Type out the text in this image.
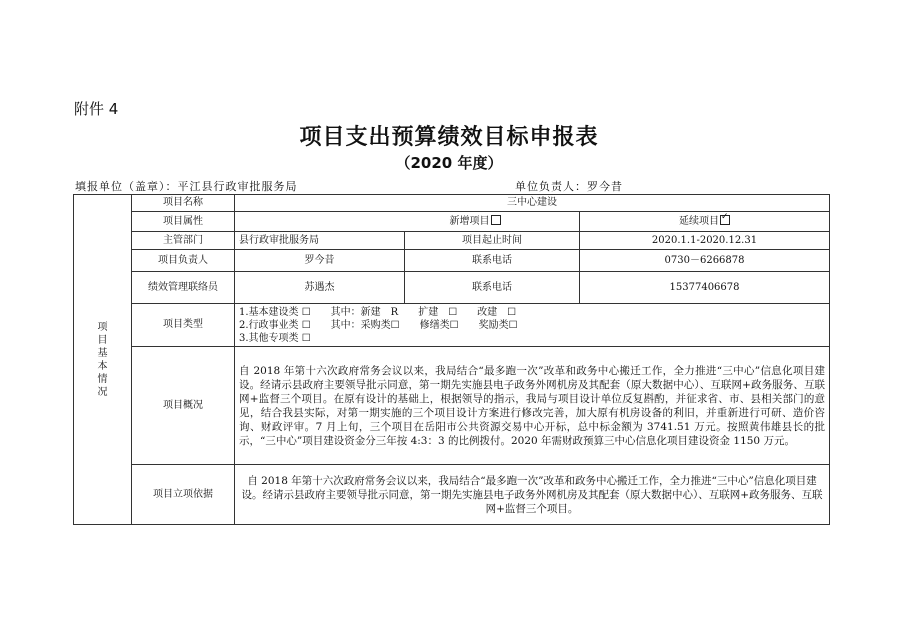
附件 4
项目支出预算绩效目标申报表
（2020 年度）
填报单位（盖章）：平江县行政审批服务局	单位负责人：罗今昔
项目基本情况	项目名称	三中心建设		
	项目属性	新增项目		延续项目 ✓

	主管部门	县行政审批服务局	项目起止时间	2020.1.1-2020.12.31
	项目负责人	罗今昔	联系电话	0730－6266878
	绩效管理联络员	苏遇杰	联系电话	15377406678
	项目类型	1.基本建设类 ☐　　其中：新建　R　　扩建　☐　　改建　☐
2.行政事业类 ☐　　其中：采购类☐　　修缮类☐　　奖励类☐
3.其他专项类 ☐		

	项目概况	自 2018 年第十六次政府常务会议以来，我局结合“最多跑一次”改革和政务中心搬迁工作，全力推进“三中心”信息化项目建设。经请示县政府主要领导批示同意，第一期先实施县电子政务外网机房及其配套（原大数据中心）、互联网+政务服务、互联网+监督三个项目。在原有设计的基础上，根据领导的指示，我局与项目设计单位反复斟酌，并征求省、市、县相关部门的意见，结合我县实际，对第一期实施的三个项目设计方案进行修改完善，加大原有机房设备的利旧，并重新进行可研、造价咨询、财政评审。7 月上旬，三个项目在岳阳市公共资源交易中心开标，总中标金额为 3741.51 万元。按照黄伟雄县长的批示，“三中心”项目建设资金分三年按 4:3：3 的比例拨付。2020 年需财政预算三中心信息化项目建设资金 1150 万元。		
	项目立项依据	自 2018 年第十六次政府常务会议以来，我局结合“最多跑一次”改革和政务中心搬迁工作，全力推进“三中心”信息化项目建设。经请示县政府主要领导批示同意，第一期先实施县电子政务外网机房及其配套（原大数据中心）、互联网+政务服务、互联网+监督三个项目。		
